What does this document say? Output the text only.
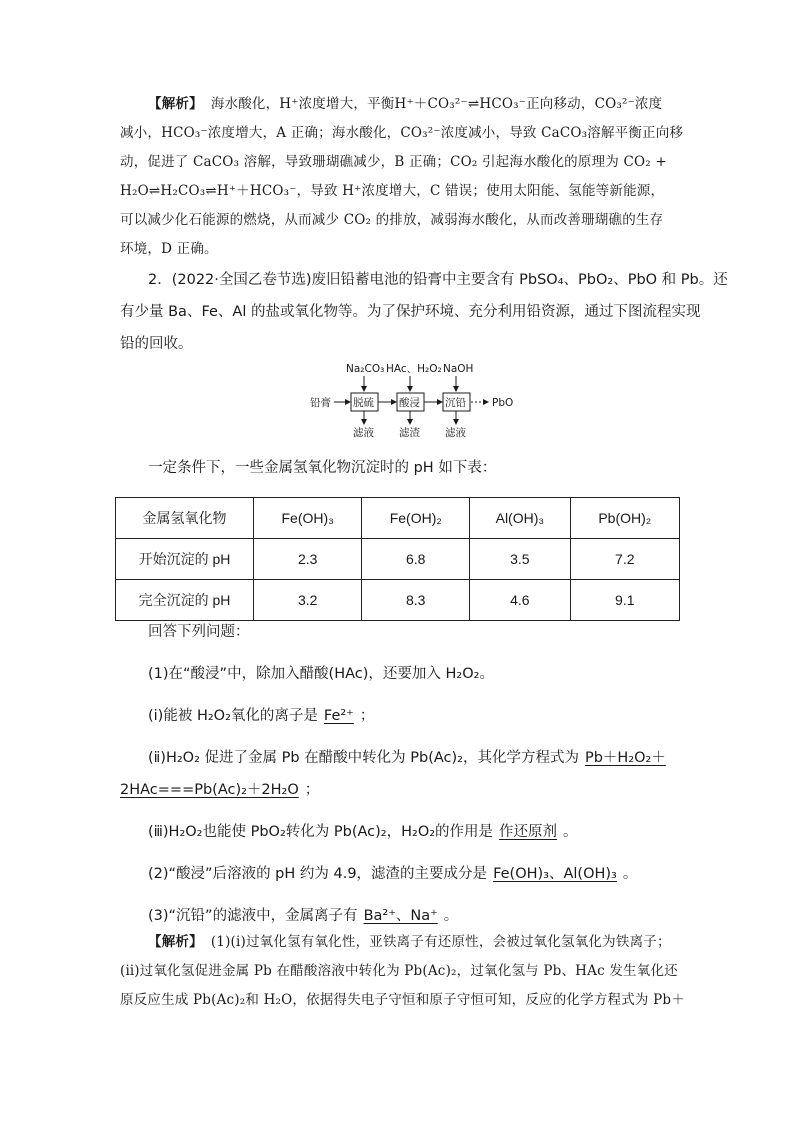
【解析】 海水酸化，H⁺浓度增大，平衡H⁺＋CO₃²⁻⇌HCO₃⁻正向移动，CO₃²⁻浓度
减小，HCO₃⁻浓度增大，A 正确；海水酸化，CO₃²⁻浓度减小，导致 CaCO₃溶解平衡正向移
动，促进了 CaCO₃ 溶解，导致珊瑚礁减少，B 正确；CO₂ 引起海水酸化的原理为 CO₂ +
H₂O⇌H₂CO₃⇌H⁺＋HCO₃⁻，导致 H⁺浓度增大，C 错误；使用太阳能、氢能等新能源，
可以减少化石能源的燃烧，从而减少 CO₂ 的排放，减弱海水酸化，从而改善珊瑚礁的生存
环境，D 正确。
2．(2022·全国乙卷节选)废旧铅蓄电池的铅膏中主要含有 PbSO₄、PbO₂、PbO 和 Pb。还
有少量 Ba、Fe、Al 的盐或氧化物等。为了保护环境、充分利用铅资源，通过下图流程实现
铅的回收。
铅膏 脱硫 酸浸 沉铅 PbO
Na₂CO₃ HAc、H₂O₂ NaOH
滤液 滤渣 滤液
一定条件下，一些金属氢氧化物沉淀时的 pH 如下表：
金属氢氧化物	Fe(OH)₃	Fe(OH)₂	Al(OH)₃	Pb(OH)₂
开始沉淀的 pH	2.3	6.8	3.5	7.2
完全沉淀的 pH	3.2	8.3	4.6	9.1
回答下列问题：
(1)在“酸浸”中，除加入醋酸(HAc)，还要加入 H₂O₂。
(ⅰ)能被 H₂O₂氧化的离子是 Fe²⁺ ；
(ⅱ)H₂O₂ 促进了金属 Pb 在醋酸中转化为 Pb(Ac)₂，其化学方程式为 Pb＋H₂O₂＋
2HAc===Pb(Ac)₂＋2H₂O ；
(ⅲ)H₂O₂也能使 PbO₂转化为 Pb(Ac)₂，H₂O₂的作用是 作还原剂 。
(2)“酸浸”后溶液的 pH 约为 4.9，滤渣的主要成分是 Fe(OH)₃、Al(OH)₃ 。
(3)“沉铅”的滤液中，金属离子有 Ba²⁺、Na⁺ 。
【解析】 (1)(ⅰ)过氧化氢有氧化性，亚铁离子有还原性，会被过氧化氢氧化为铁离子；
(ⅱ)过氧化氢促进金属 Pb 在醋酸溶液中转化为 Pb(Ac)₂，过氧化氢与 Pb、HAc 发生氧化还
原反应生成 Pb(Ac)₂和 H₂O，依据得失电子守恒和原子守恒可知，反应的化学方程式为 Pb＋
